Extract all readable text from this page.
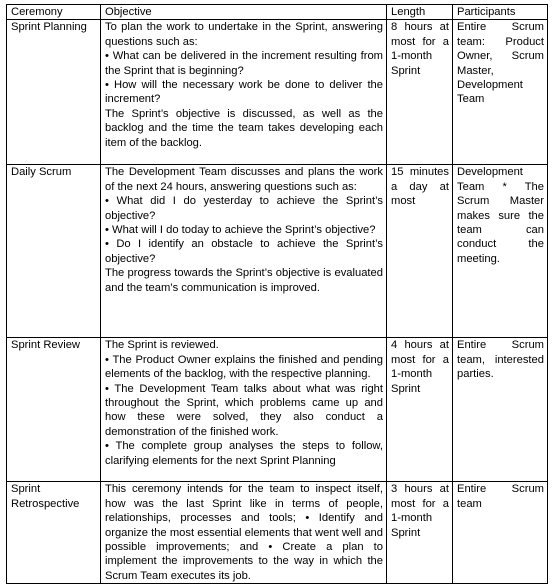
Ceremony	Objective	Length	Participants
Sprint Planning	To plan the work to undertake in the Sprint, answering questions such as:
• What can be delivered in the increment resulting from the Sprint that is beginning?
• How will the necessary work be done to deliver the increment?
The Sprint’s objective is discussed, as well as the backlog and the time the team takes developing each item of the backlog.	8 hours at most for a 1-month Sprint	Entire Scrum team: Product Owner, Scrum Master, Development Team
Daily Scrum	The Development Team discusses and plans the work of the next 24 hours, answering questions such as:
• What did I do yesterday to achieve the Sprint’s objective?
• What will I do today to achieve the Sprint’s objective?
• Do I identify an obstacle to achieve the Sprint’s objective?
The progress towards the Sprint’s objective is evaluated and the team’s communication is improved.	15 minutes a day at most	Development Team * The Scrum Master makes sure the team can conduct the meeting.
Sprint Review	The Sprint is reviewed.
• The Product Owner explains the finished and pending elements of the backlog, with the respective planning.
• The Development Team talks about what was right throughout the Sprint, which problems came up and how these were solved, they also conduct a demonstration of the finished work.
• The complete group analyses the steps to follow, clarifying elements for the next Sprint Planning	4 hours at most for a 1-month Sprint	Entire Scrum team, interested parties.
Sprint Retrospective	This ceremony intends for the team to inspect itself, how was the last Sprint like in terms of people, relationships, processes and tools; • Identify and organize the most essential elements that went well and possible improvements; and • Create a plan to implement the improvements to the way in which the Scrum Team executes its job.	3 hours at most for a 1-month Sprint	Entire Scrum team
